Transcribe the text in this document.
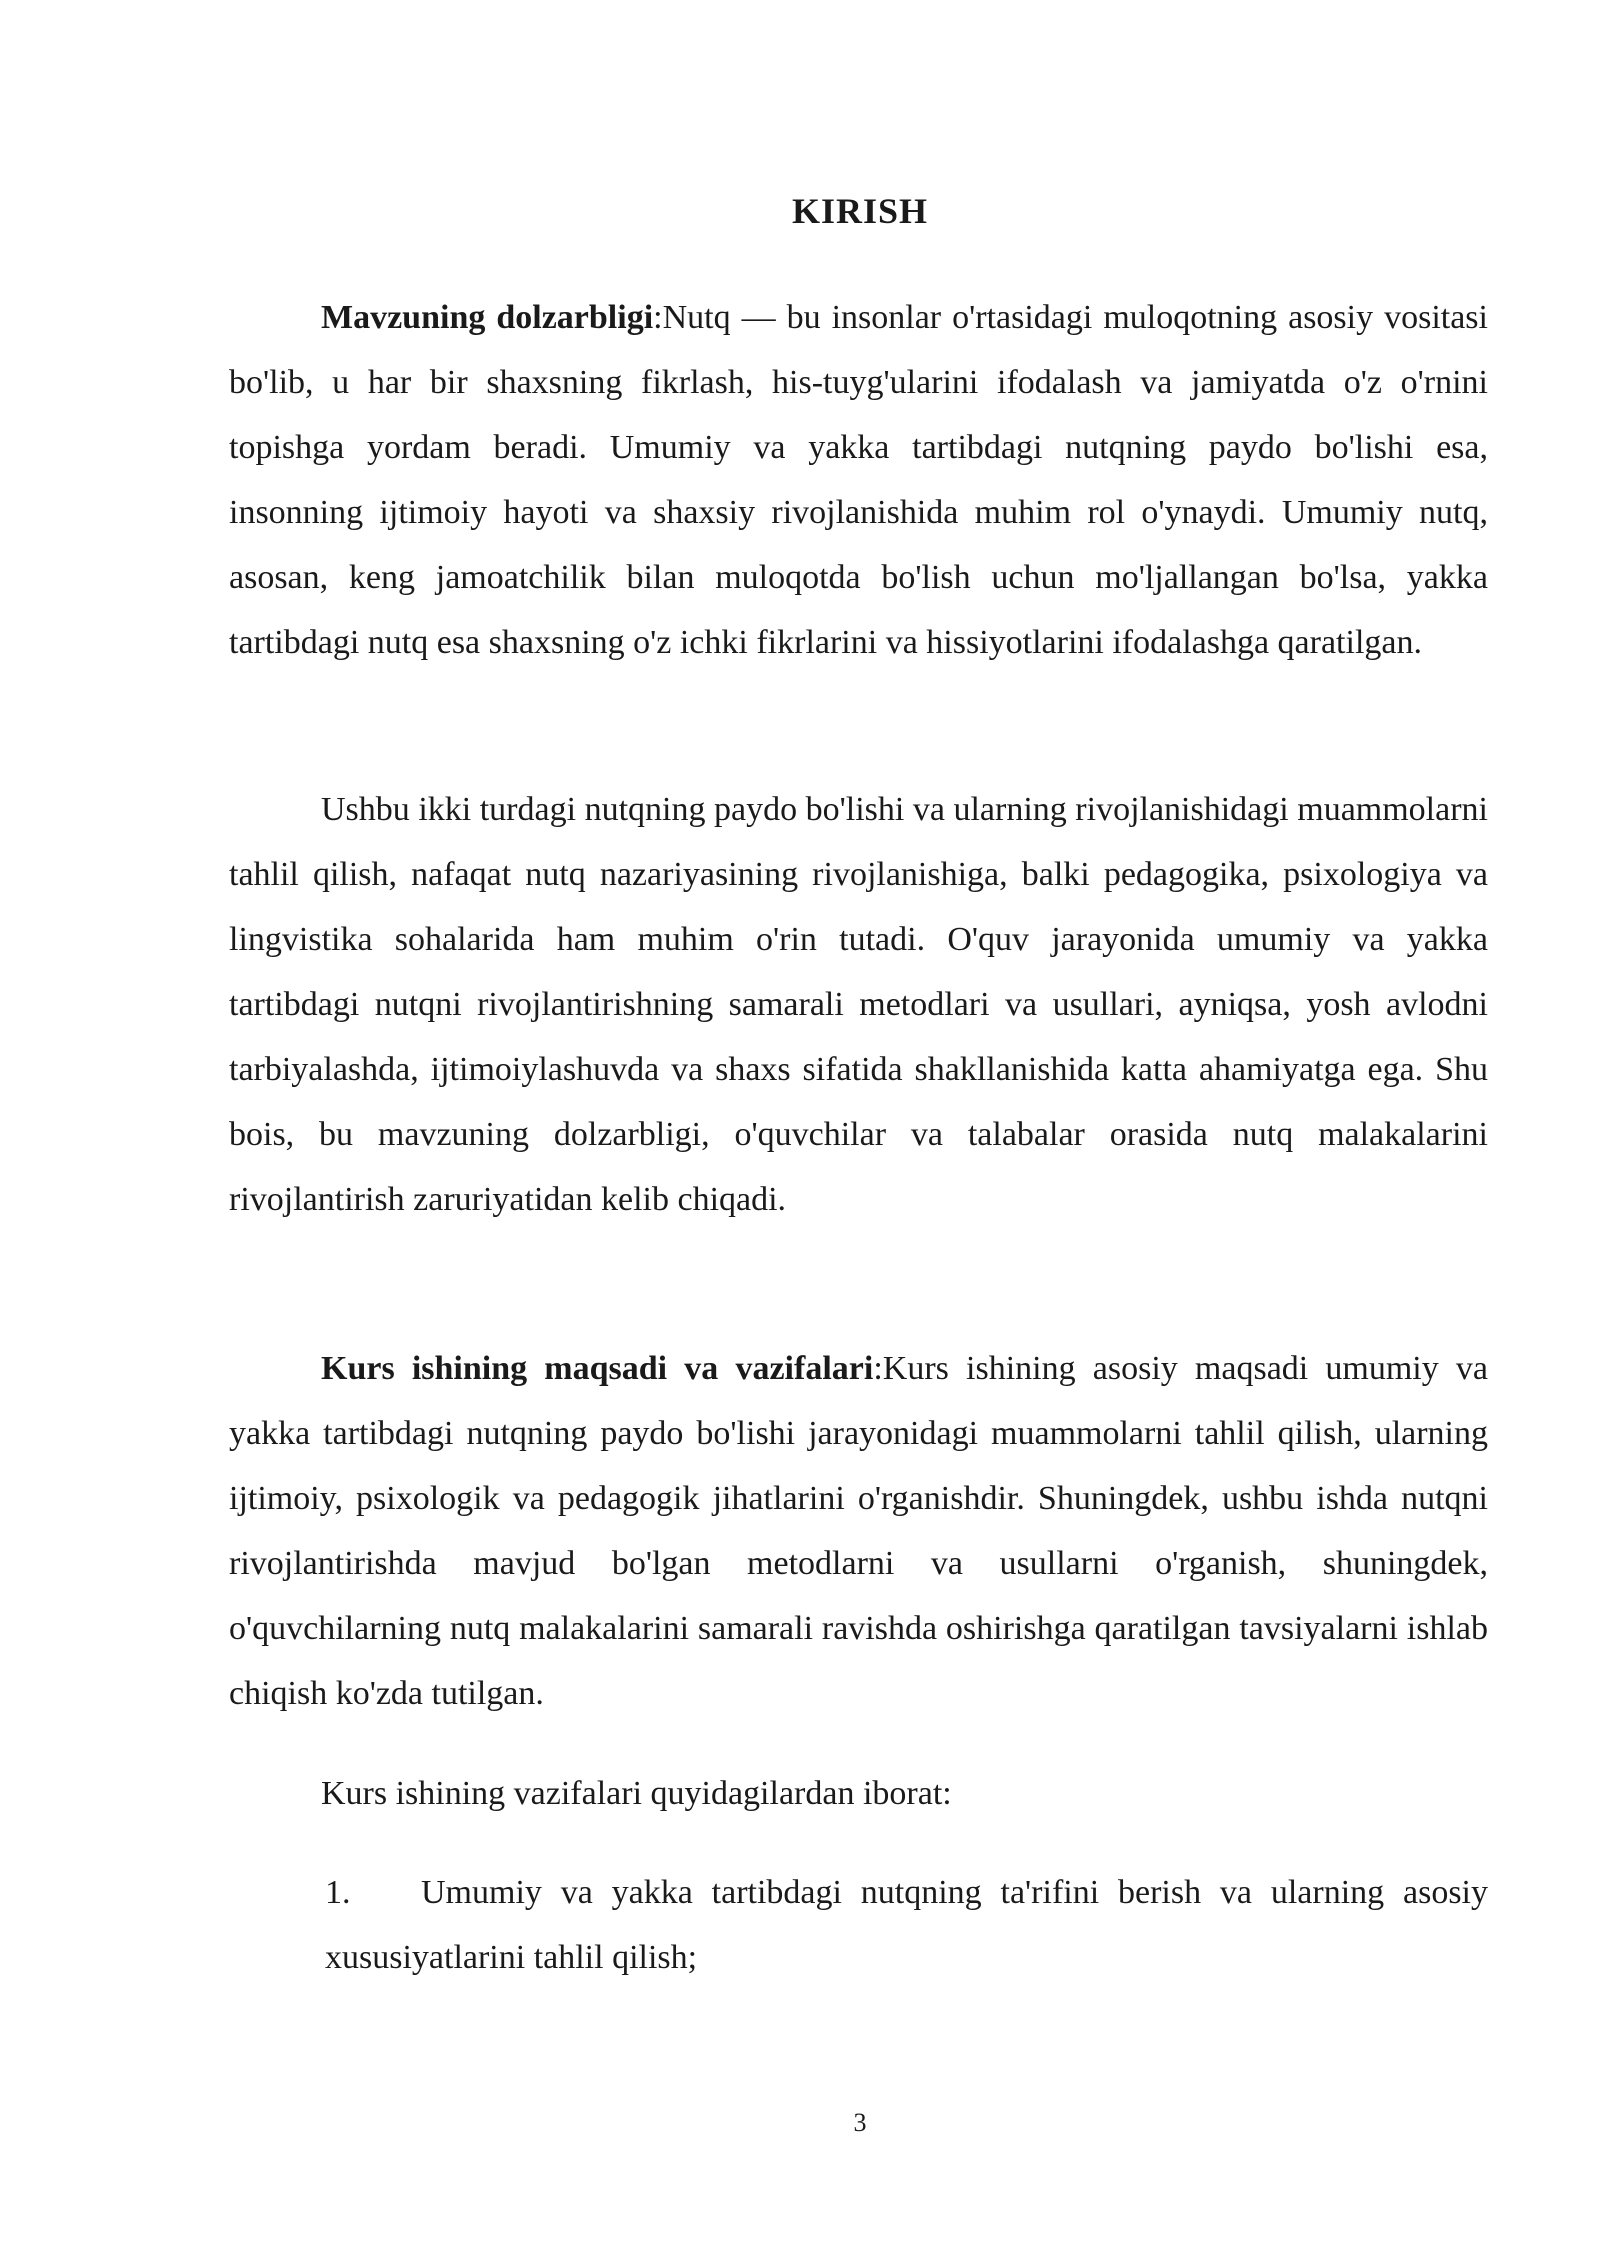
KIRISH

Mavzuning dolzarbligi:Nutq — bu insonlar o'rtasidagi muloqotning asosiy vositasi bo'lib, u har bir shaxsning fikrlash, his-tuyg'ularini ifodalash va jamiyatda o'z o'rnini topishga yordam beradi. Umumiy va yakka tartibdagi nutqning paydo bo'lishi esa, insonning ijtimoiy hayoti va shaxsiy rivojlanishida muhim rol o'ynaydi. Umumiy nutq, asosan, keng jamoatchilik bilan muloqotda bo'lish uchun mo'ljallangan bo'lsa, yakka tartibdagi nutq esa shaxsning o'z ichki fikrlarini va hissiyotlarini ifodalashga qaratilgan.

Ushbu ikki turdagi nutqning paydo bo'lishi va ularning rivojlanishidagi muammolarni tahlil qilish, nafaqat nutq nazariyasining rivojlanishiga, balki pedagogika, psixologiya va lingvistika sohalarida ham muhim o'rin tutadi. O'quv jarayonida umumiy va yakka tartibdagi nutqni rivojlantirishning samarali metodlari va usullari, ayniqsa, yosh avlodni tarbiyalashda, ijtimoiylashuvda va shaxs sifatida shakllanishida katta ahamiyatga ega. Shu bois, bu mavzuning dolzarbligi, o'quvchilar va talabalar orasida nutq malakalarini rivojlantirish zaruriyatidan kelib chiqadi.

Kurs ishining maqsadi va vazifalari:Kurs ishining asosiy maqsadi umumiy va yakka tartibdagi nutqning paydo bo'lishi jarayonidagi muammolarni tahlil qilish, ularning ijtimoiy, psixologik va pedagogik jihatlarini o'rganishdir. Shuningdek, ushbu ishda nutqni rivojlantirishda mavjud bo'lgan metodlarni va usullarni o'rganish, shuningdek, o'quvchilarning nutq malakalarini samarali ravishda oshirishga qaratilgan tavsiyalarni ishlab chiqish ko'zda tutilgan.

Kurs ishining vazifalari quyidagilardan iborat:

1. Umumiy va yakka tartibdagi nutqning ta'rifini berish va ularning asosiy xususiyatlarini tahlil qilish;

3
